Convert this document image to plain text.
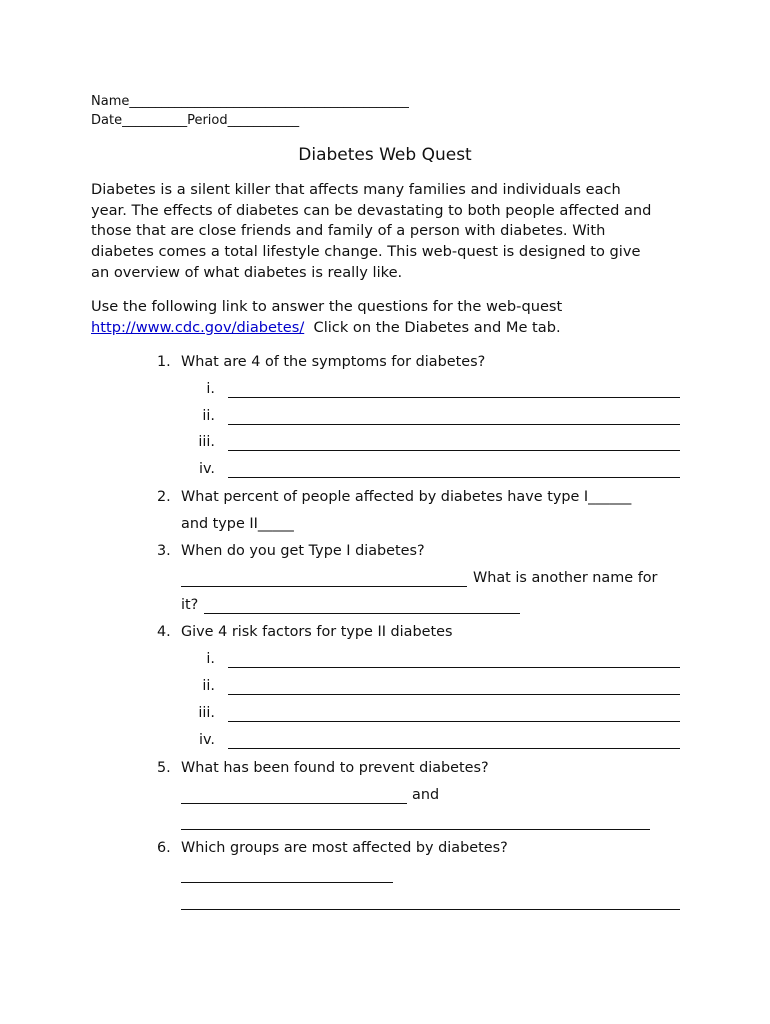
Name___________________________________________
Date__________Period___________
Diabetes Web Quest
Diabetes is a silent killer that affects many families and individuals each
year. The effects of diabetes can be devastating to both people affected and
those that are close friends and family of a person with diabetes. With
diabetes comes a total lifestyle change. This web-quest is designed to give
an overview of what diabetes is really like.
Use the following link to answer the questions for the web-quest
http://www.cdc.gov/diabetes/  Click on the Diabetes and Me tab.
1. What are 4 of the symptoms for diabetes?
i.
ii.
iii.
iv.
2. What percent of people affected by diabetes have type I______
and type II_____
3. When do you get Type I diabetes?
What is another name for
it?
4. Give 4 risk factors for type II diabetes
i.
ii.
iii.
iv.
5. What has been found to prevent diabetes?
and
6. Which groups are most affected by diabetes?
